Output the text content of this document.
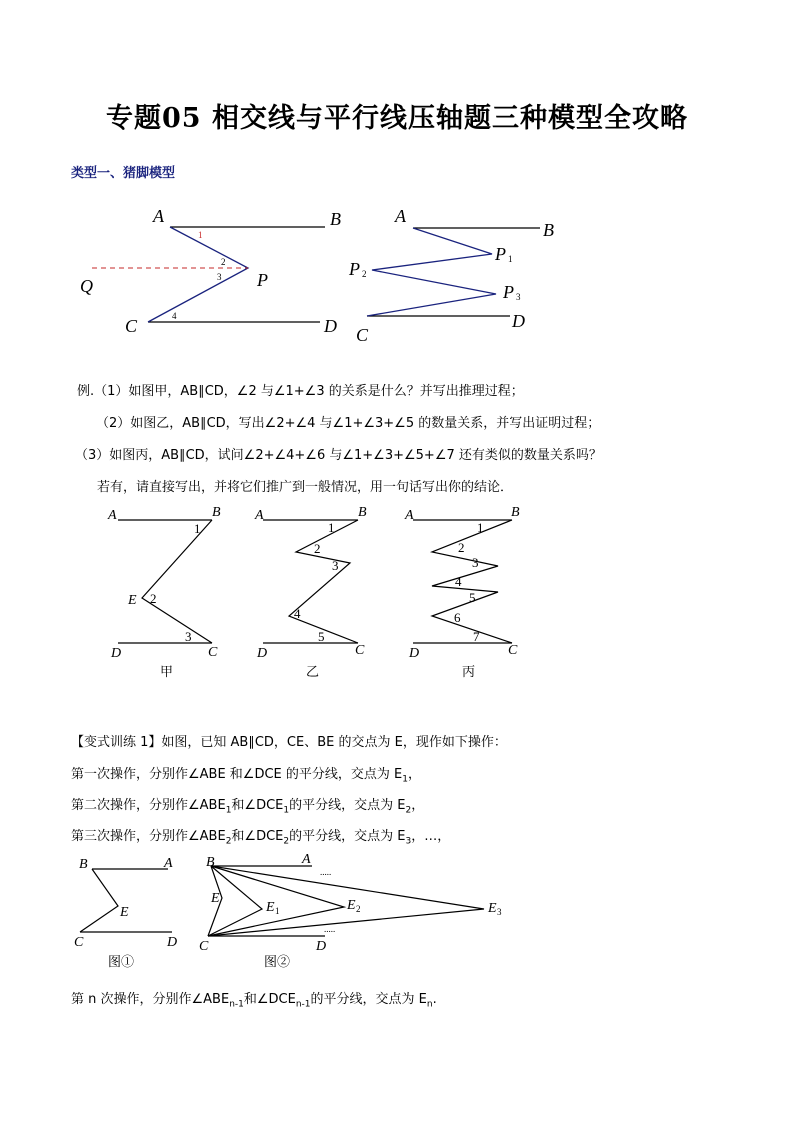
专题05 相交线与平行线压轴题三种模型全攻略
类型一、猪脚模型
A	B
Q	P
C	D
1
2
3
4
A
B
P 1
P 2
P 3
C
D
A	B
E
D	C
1
2
3
甲
A	B
D	C
1
2
3
4
5
乙
A	B
D	C
1
2
3
4
5
6
7
丙
B	A
E
C	D
图①
B	A
E
E 1	E 2	E 3
C	D
.....
.....
图②
例.（1）如图甲，AB∥CD，∠2 与∠1+∠3 的关系是什么？并写出推理过程；
（2）如图乙，AB∥CD，写出∠2+∠4 与∠1+∠3+∠5 的数量关系，并写出证明过程；
（3）如图丙，AB∥CD，试问∠2+∠4+∠6 与∠1+∠3+∠5+∠7 还有类似的数量关系吗？
若有，请直接写出，并将它们推广到一般情况，用一句话写出你的结论．
【变式训练 1】如图，已知 AB∥CD，CE、BE 的交点为 E，现作如下操作：
第一次操作，分别作∠ABE 和∠DCE 的平分线，交点为 $E_1$，
第二次操作，分别作$\angle ABE_1$和$\angle DCE_1$的平分线，交点为 $E_2$，
第三次操作，分别作$\angle ABE_2$和$\angle DCE_2$的平分线，交点为 $E_3$，…，
第 n 次操作，分别作$\angle ABE_{n-1}$和$\angle DCE_{n-1}$的平分线，交点为 $E_n$.
